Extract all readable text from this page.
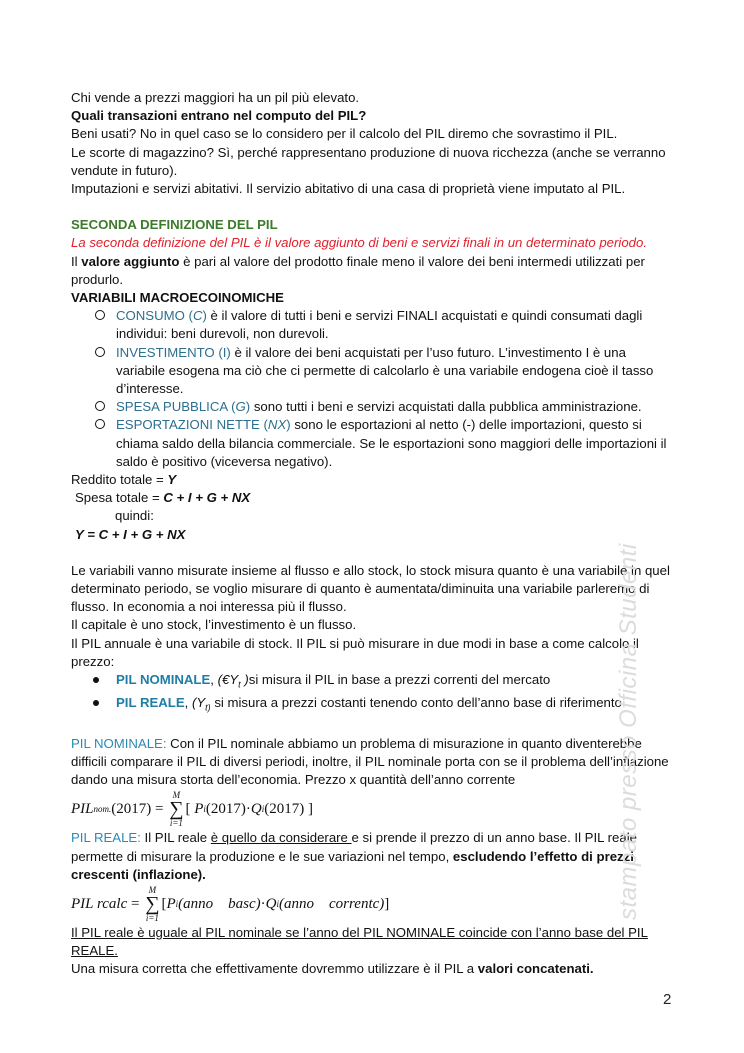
Chi vende a prezzi maggiori ha un pil più elevato.

Quali transazioni entrano nel computo del PIL?

Beni usati? No in quel caso se lo considero per il calcolo del PIL diremo che sovrastimo il PIL.

Le scorte di magazzino? Sì, perché rappresentano produzione di nuova ricchezza (anche se verranno vendute in futuro).

Imputazioni e servizi abitativi. Il servizio abitativo di una casa di proprietà viene imputato al PIL.

SECONDA DEFINIZIONE DEL PIL

La seconda definizione del PIL è il valore aggiunto di beni e servizi finali in un determinato periodo.

Il valore aggiunto è pari al valore del prodotto finale meno il valore dei beni intermedi utilizzati per produrlo.

VARIABILI MACROECOINOMICHE

CONSUMO (C) è il valore di tutti i beni e servizi FINALI acquistati e quindi consumati dagli individui: beni durevoli, non durevoli.
INVESTIMENTO (I) è il valore dei beni acquistati per l’uso futuro. L’investimento I è una variabile esogena ma ciò che ci permette di calcolarlo è una variabile endogena cioè il tasso d’interesse.
SPESA PUBBLICA (G) sono tutti i beni e servizi acquistati dalla pubblica amministrazione.
ESPORTAZIONI NETTE (NX) sono le esportazioni al netto (-) delle importazioni, questo si chiama saldo della bilancia commerciale. Se le esportazioni sono maggiori delle importazioni il saldo è positivo (viceversa negativo).

Reddito totale = Y

Spesa totale = C + I + G + NX

quindi:

Y = C + I + G + NX

Le variabili vanno misurate insieme al flusso e allo stock, lo stock misura quanto è una variabile in quel determinato periodo, se voglio misurare di quanto è aumentata/diminuita una variabile parleremo di flusso. In economia a noi interessa più il flusso.

Il capitale è uno stock, l’investimento è un flusso.

Il PIL annuale è una variabile di stock. Il PIL si può misurare in due modi in base a come calcolo il prezzo:

PIL NOMINALE, ($€Y_t$ )si misura il PIL in base a prezzi correnti del mercato
PIL REALE, ($Y_{t)}$ si misura a prezzi costanti tenendo conto dell’anno base di riferimento

PIL NOMINALE: Con il PIL nominale abbiamo un problema di misurazione in quanto diventerebbe difficili comparare il PIL di diversi periodi, inoltre, il PIL nominale porta con se il problema dell’inflazione dando una misura storta dell’economia. Prezzo x quantità dell’anno corrente

PIL nom. (2017) =
M
∑
i=1
[ P i (2017) · Q i (2017) ]

PIL REALE: Il PIL reale è quello da considerare e si prende il prezzo di un anno base. Il PIL reale permette di misurare la produzione e le sue variazioni nel tempo, escludendo l’effetto di prezzi crescenti (inflazione).

PIL rcalc =
M
∑
i=1
[ P i (anno    basc) · Q i (anno    correntc) ]

Il PIL reale è uguale al PIL nominale se l’anno del PIL NOMINALE coincide con l’anno base del PIL REALE.

Una misura corretta che effettivamente dovremmo utilizzare è il PIL a valori concatenati.

stampato presso Officina Studenti
2
